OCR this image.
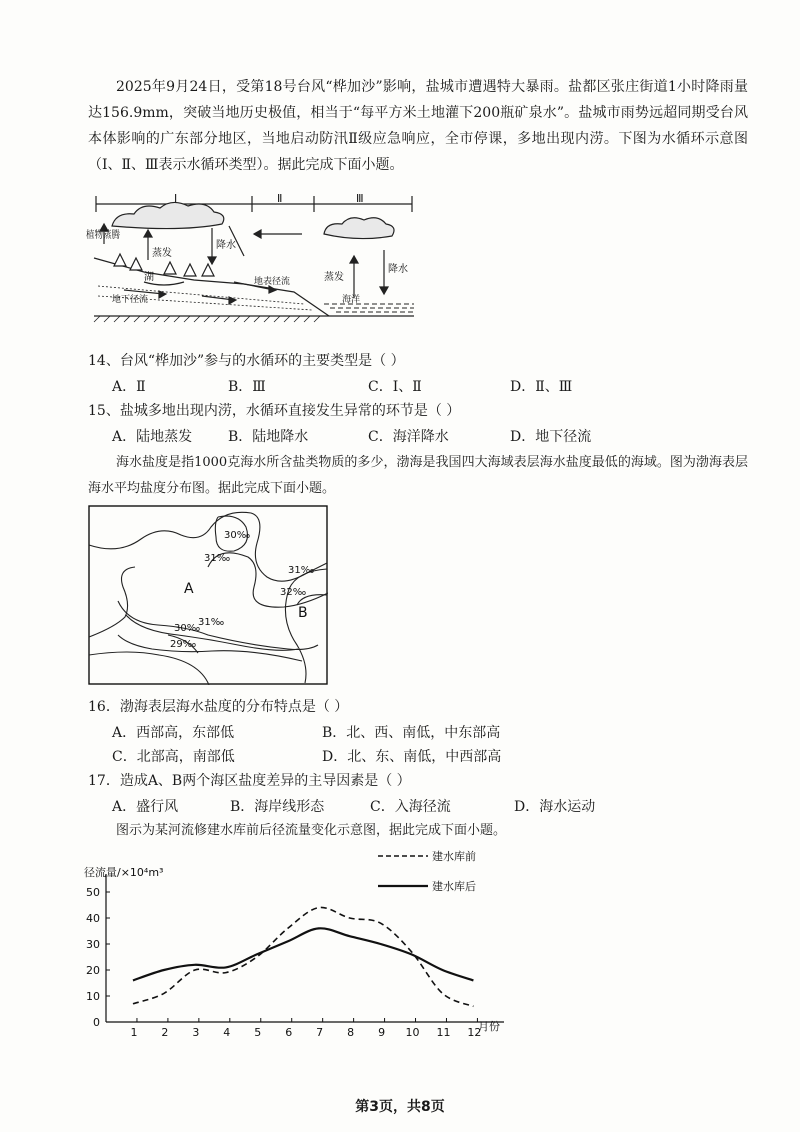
2025年9月24日，受第18号台风“桦加沙”影响，盐城市遭遇特大暴雨。盐都区张庄街道1小时降雨量达156.9mm，突破当地历史极值，相当于“每平方米土地灌下200瓶矿泉水”。盐城市雨势远超同期受台风本体影响的广东部分地区，当地启动防汛Ⅱ级应急响应，全市停课，多地出现内涝。下图为水循环示意图（Ⅰ、Ⅱ、Ⅲ表示水循环类型）。据此完成下面小题。

Ⅰ	Ⅱ	Ⅲ
植物蒸腾
蒸发
降水
湖
地下径流
地表径流	蒸发
降水
海洋

14、台风“桦加沙”参与的水循环的主要类型是（ ）

A．Ⅱ	B．Ⅲ	C．Ⅰ、Ⅱ	D．Ⅱ、Ⅲ

15、盐城多地出现内涝，水循环直接发生异常的环节是（ ）

A．陆地蒸发	B．陆地降水	C．海洋降水	D．地下径流

海水盐度是指1000克海水所含盐类物质的多少，渤海是我国四大海域表层海水盐度最低的海域。图为渤海表层海水平均盐度分布图。据此完成下面小题。

30‰
31‰
31‰
32‰
31‰
30‰
29‰
A
B

16．渤海表层海水盐度的分布特点是（ ）

A．西部高，东部低	B．北、西、南低，中东部高
C．北部高，南部低	D．北、东、南低，中西部高

17．造成A、B两个海区盐度差异的主导因素是（ ）

A．盛行风	B．海岸线形态	C．入海径流	D．海水运动

图示为某河流修建水库前后径流量变化示意图，据此完成下面小题。

0
10
20
30
40
50
1 2 3 4 5 6 7 8 9 10 11 12
径流量/×10⁴m³
月份
建水库前
建水库后
第3页，共8页
